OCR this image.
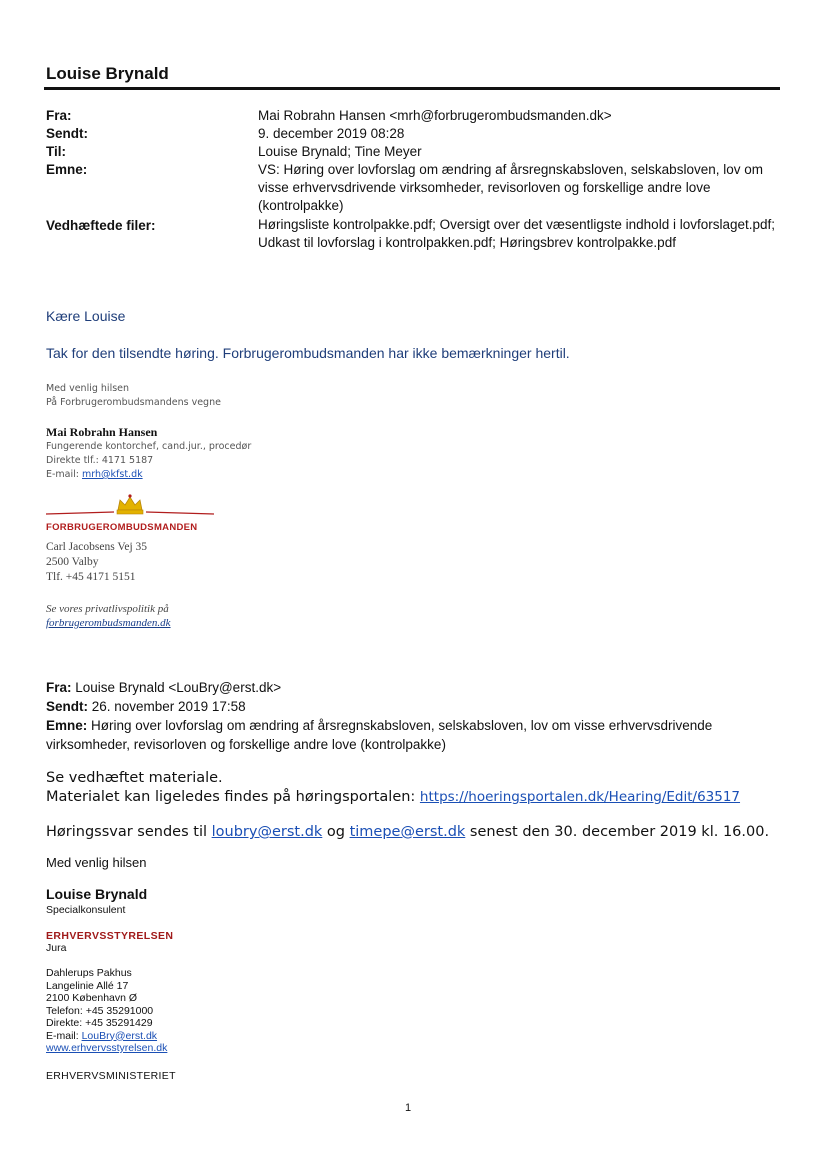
Louise Brynald
Fra:	Mai Robrahn Hansen <mrh@forbrugerombudsmanden.dk>
Sendt:	9. december 2019 08:28
Til:	Louise Brynald; Tine Meyer
Emne:	VS: Høring over lovforslag om ændring af årsregnskabsloven, selskabsloven, lov om visse erhvervsdrivende virksomheder, revisorloven og forskellige andre love (kontrolpakke)
Vedhæftede filer:	Høringsliste kontrolpakke.pdf; Oversigt over det væsentligste indhold i lovforslaget.pdf; Udkast til lovforslag i kontrolpakken.pdf; Høringsbrev kontrolpakke.pdf
Kære Louise
Tak for den tilsendte høring. Forbrugerombudsmanden har ikke bemærkninger hertil.
Med venlig hilsen
På Forbrugerombudsmandens vegne
Mai Robrahn Hansen
Fungerende kontorchef, cand.jur., procedør
Direkte tlf.: 4171 5187
E-mail: mrh@kfst.dk
FORBRUGEROMBUDSMANDEN
Carl Jacobsens Vej 35
2500 Valby
Tlf. +45 4171 5151
Se vores privatlivspolitik på
forbrugerombudsmanden.dk
Fra: Louise Brynald <LouBry@erst.dk>
Sendt: 26. november 2019 17:58
Emne: Høring over lovforslag om ændring af årsregnskabsloven, selskabsloven, lov om visse erhvervsdrivende virksomheder, revisorloven og forskellige andre love (kontrolpakke)
Se vedhæftet materiale.
Materialet kan ligeledes findes på høringsportalen: https://hoeringsportalen.dk/Hearing/Edit/63517
Høringssvar sendes til loubry@erst.dk og timepe@erst.dk senest den 30. december 2019 kl. 16.00.
Med venlig hilsen
Louise Brynald
Specialkonsulent
ERHVERVSSTYRELSEN
Jura
Dahlerups Pakhus
Langelinie Allé 17
2100 København Ø
Telefon: +45 35291000
Direkte: +45 35291429
E-mail: LouBry@erst.dk
www.erhvervsstyrelsen.dk
ERHVERVSMINISTERIET
1
